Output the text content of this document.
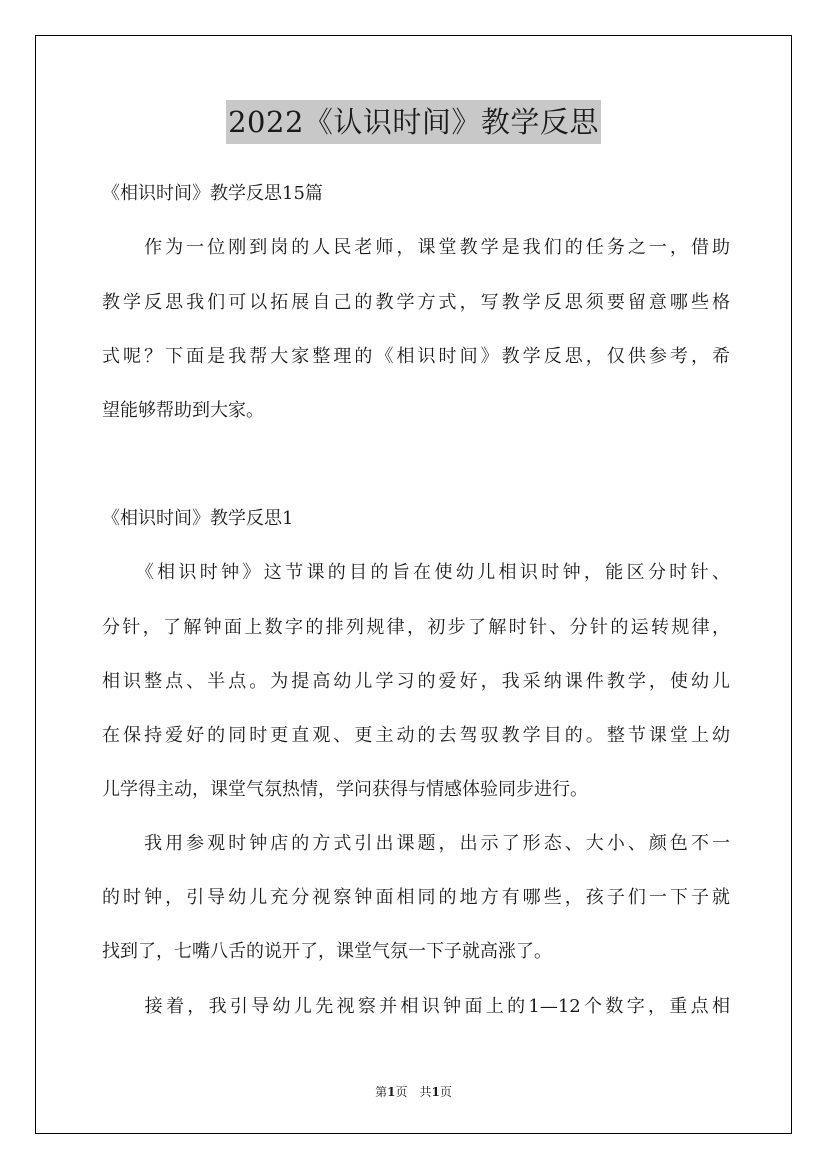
2022《认识时间》教学反思
《相识时间》教学反思15篇
　　作为一位刚到岗的人民老师，课堂教学是我们的任务之一，借助
教学反思我们可以拓展自己的教学方式，写教学反思须要留意哪些格
式呢？下面是我帮大家整理的《相识时间》教学反思，仅供参考，希
望能够帮助到大家。
《相识时间》教学反思1
　　《相识时钟》这节课的目的旨在使幼儿相识时钟，能区分时针、
分针，了解钟面上数字的排列规律，初步了解时针、分针的运转规律，
相识整点、半点。为提高幼儿学习的爱好，我采纳课件教学，使幼儿
在保持爱好的同时更直观、更主动的去驾驭教学目的。整节课堂上幼
儿学得主动，课堂气氛热情，学问获得与情感体验同步进行。
　　我用参观时钟店的方式引出课题，出示了形态、大小、颜色不一
的时钟，引导幼儿充分视察钟面相同的地方有哪些，孩子们一下子就
找到了，七嘴八舌的说开了，课堂气氛一下子就高涨了。
　　接着，我引导幼儿先视察并相识钟面上的1—12个数字，重点相
第1页　共1页
